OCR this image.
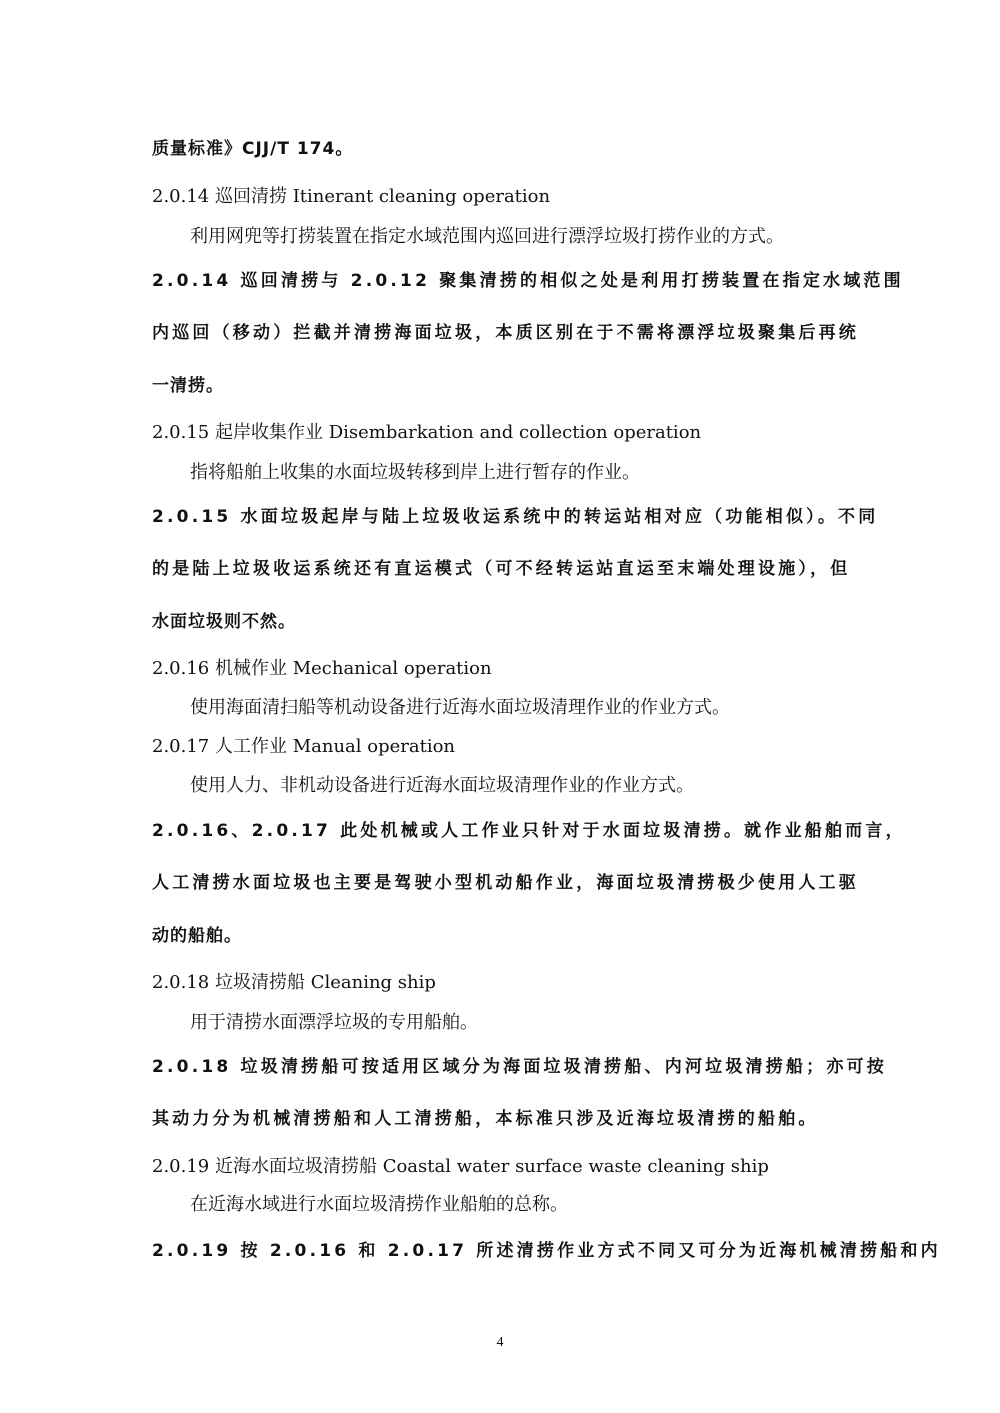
质量标准》CJJ/T 174。
2.0.14 巡回清捞 Itinerant cleaning operation
利用网兜等打捞装置在指定水域范围内巡回进行漂浮垃圾打捞作业的方式。
2.0.14 巡回清捞与 2.0.12 聚集清捞的相似之处是利用打捞装置在指定水域范围
内巡回（移动）拦截并清捞海面垃圾，本质区别在于不需将漂浮垃圾聚集后再统
一清捞。
2.0.15 起岸收集作业 Disembarkation and collection operation
指将船舶上收集的水面垃圾转移到岸上进行暂存的作业。
2.0.15 水面垃圾起岸与陆上垃圾收运系统中的转运站相对应（功能相似）。不同
的是陆上垃圾收运系统还有直运模式（可不经转运站直运至末端处理设施），但
水面垃圾则不然。
2.0.16 机械作业 Mechanical operation
使用海面清扫船等机动设备进行近海水面垃圾清理作业的作业方式。
2.0.17 人工作业 Manual operation
使用人力、非机动设备进行近海水面垃圾清理作业的作业方式。
2.0.16、2.0.17 此处机械或人工作业只针对于水面垃圾清捞。就作业船舶而言，
人工清捞水面垃圾也主要是驾驶小型机动船作业，海面垃圾清捞极少使用人工驱
动的船舶。
2.0.18 垃圾清捞船 Cleaning ship
用于清捞水面漂浮垃圾的专用船舶。
2.0.18 垃圾清捞船可按适用区域分为海面垃圾清捞船、内河垃圾清捞船；亦可按
其动力分为机械清捞船和人工清捞船，本标准只涉及近海垃圾清捞的船舶。
2.0.19 近海水面垃圾清捞船 Coastal water surface waste cleaning ship
在近海水域进行水面垃圾清捞作业船舶的总称。
2.0.19 按 2.0.16 和 2.0.17 所述清捞作业方式不同又可分为近海机械清捞船和内
4
